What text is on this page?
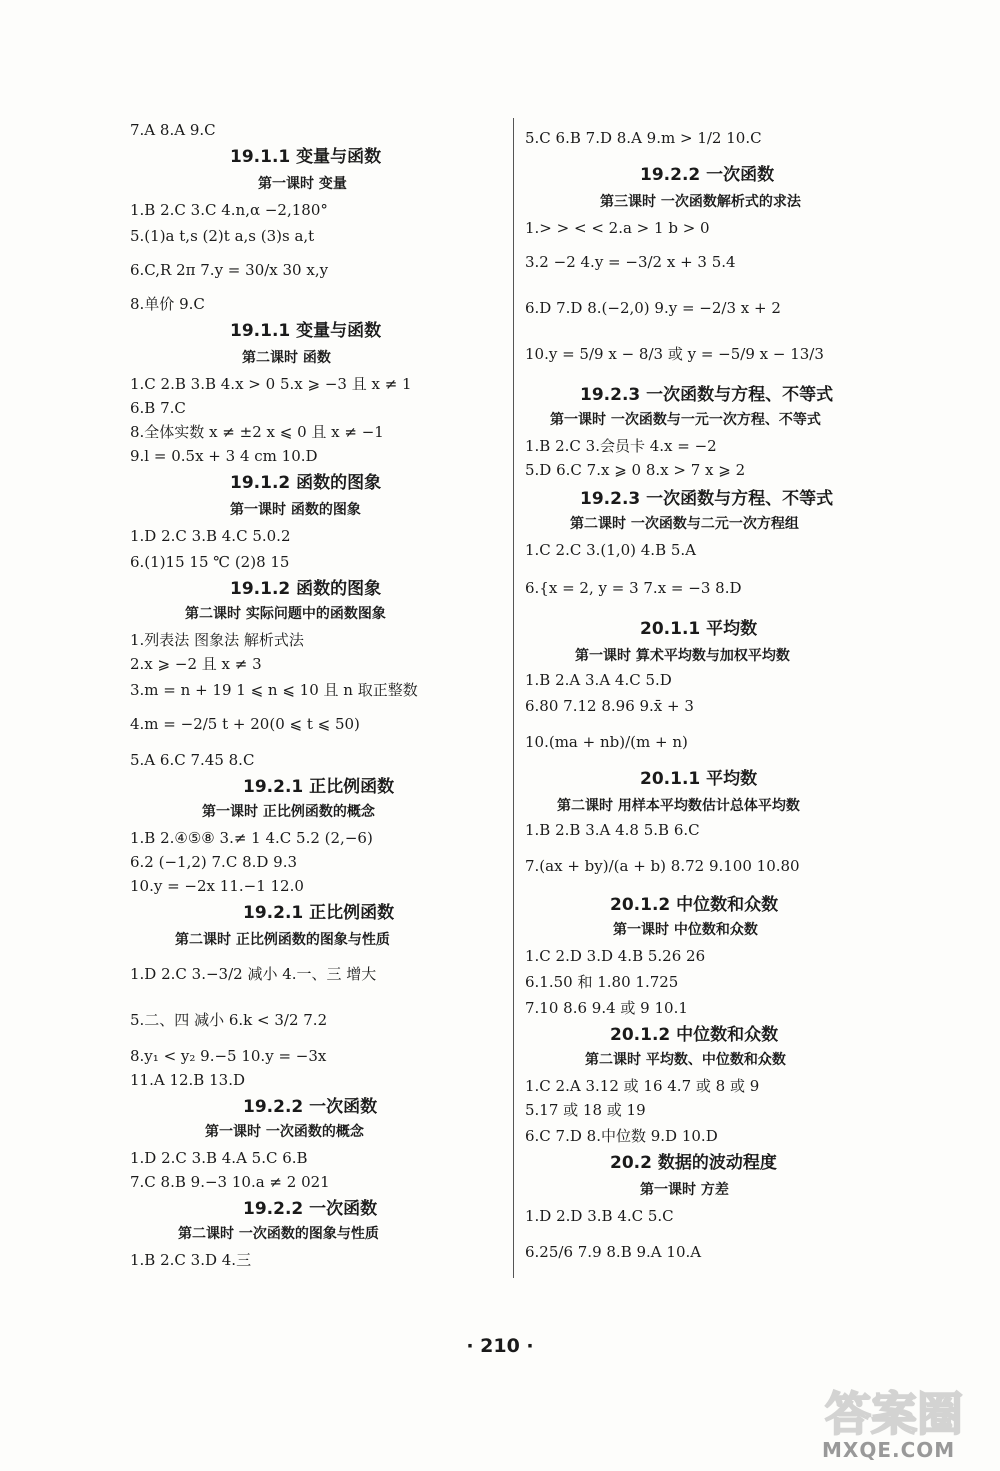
7.A 8.A 9.C
19.1.1 变量与函数
第一课时 变量
1.B 2.C 3.C 4.n,α −2,180°
5.(1)a t,s (2)t a,s (3)s a,t
6.C,R 2π 7.y = 30/x 30 x,y
8.单价 9.C
19.1.1 变量与函数
第二课时 函数
1.C 2.B 3.B 4.x > 0 5.x ⩾ −3 且 x ≠ 1
6.B 7.C
8.全体实数 x ≠ ±2 x ⩽ 0 且 x ≠ −1
9.l = 0.5x + 3 4 cm 10.D
19.1.2 函数的图象
第一课时 函数的图象
1.D 2.C 3.B 4.C 5.0.2
6.(1)15 15 ℃ (2)8 15
19.1.2 函数的图象
第二课时 实际问题中的函数图象
1.列表法 图象法 解析式法
2.x ⩾ −2 且 x ≠ 3
3.m = n + 19 1 ⩽ n ⩽ 10 且 n 取正整数
4.m = −2/5 t + 20(0 ⩽ t ⩽ 50)
5.A 6.C 7.45 8.C
19.2.1 正比例函数
第一课时 正比例函数的概念
1.B 2.④⑤⑧ 3.≠ 1 4.C 5.2 (2,−6)
6.2 (−1,2) 7.C 8.D 9.3
10.y = −2x 11.−1 12.0
19.2.1 正比例函数
第二课时 正比例函数的图象与性质
1.D 2.C 3.−3/2 减小 4.一、三 增大
5.二、四 减小 6.k < 3/2 7.2
8.y₁ < y₂ 9.−5 10.y = −3x
11.A 12.B 13.D
19.2.2 一次函数
第一课时 一次函数的概念
1.D 2.C 3.B 4.A 5.C 6.B
7.C 8.B 9.−3 10.a ≠ 2 021
19.2.2 一次函数
第二课时 一次函数的图象与性质
1.B 2.C 3.D 4.三
5.C 6.B 7.D 8.A 9.m > 1/2 10.C
19.2.2 一次函数
第三课时 一次函数解析式的求法
1.> > < < 2.a > 1 b > 0
3.2 −2 4.y = −3/2 x + 3 5.4
6.D 7.D 8.(−2,0) 9.y = −2/3 x + 2
10.y = 5/9 x − 8/3 或 y = −5/9 x − 13/3
19.2.3 一次函数与方程、不等式
第一课时 一次函数与一元一次方程、不等式
1.B 2.C 3.会员卡 4.x = −2
5.D 6.C 7.x ⩾ 0 8.x > 7 x ⩾ 2
19.2.3 一次函数与方程、不等式
第二课时 一次函数与二元一次方程组
1.C 2.C 3.(1,0) 4.B 5.A
6.{x = 2, y = 3 7.x = −3 8.D
20.1.1 平均数
第一课时 算术平均数与加权平均数
1.B 2.A 3.A 4.C 5.D
6.80 7.12 8.96 9.x̄ + 3
10.(ma + nb)/(m + n)
20.1.1 平均数
第二课时 用样本平均数估计总体平均数
1.B 2.B 3.A 4.8 5.B 6.C
7.(ax + by)/(a + b) 8.72 9.100 10.80
20.1.2 中位数和众数
第一课时 中位数和众数
1.C 2.D 3.D 4.B 5.26 26
6.1.50 和 1.80 1.725
7.10 8.6 9.4 或 9 10.1
20.1.2 中位数和众数
第二课时 平均数、中位数和众数
1.C 2.A 3.12 或 16 4.7 或 8 或 9
5.17 或 18 或 19
6.C 7.D 8.中位数 9.D 10.D
20.2 数据的波动程度
第一课时 方差
1.D 2.D 3.B 4.C 5.C
6.25/6 7.9 8.B 9.A 10.A
· 210 ·
答案圈
MXQE.COM
